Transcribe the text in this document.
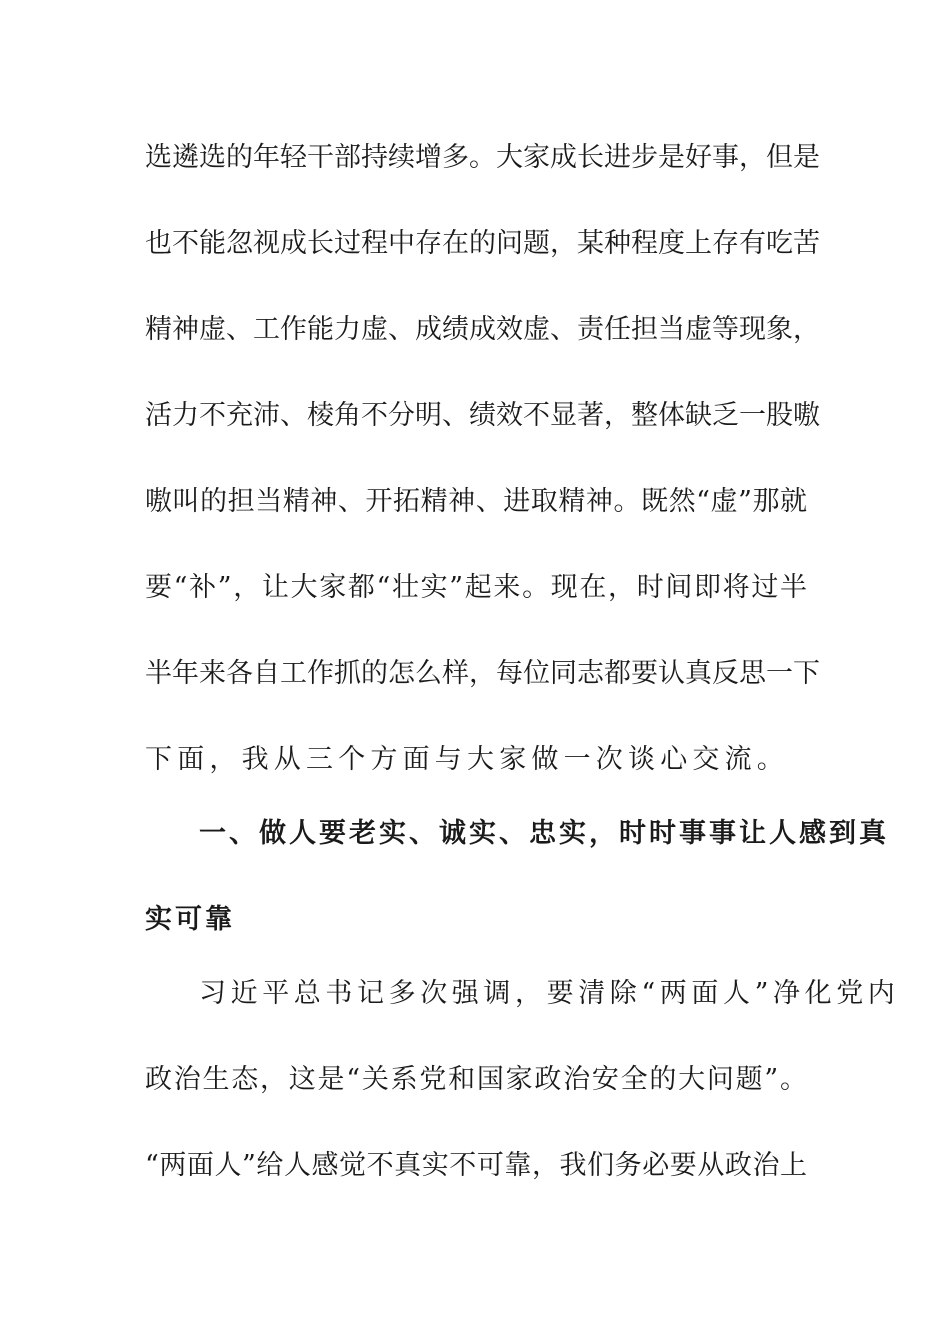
选遴选的年轻干部持续增多。大家成长进步是好事，但是
也不能忽视成长过程中存在的问题，某种程度上存有吃苦
精神虚、工作能力虚、成绩成效虚、责任担当虚等现象，
活力不充沛、棱角不分明、绩效不显著，整体缺乏一股嗷
嗷叫的担当精神、开拓精神、进取精神。既然“虚”那就
要“补”，让大家都“壮实”起来。现在，时间即将过半
半年来各自工作抓的怎么样，每位同志都要认真反思一下
下面，我从三个方面与大家做一次谈心交流。
一、做人要老实、诚实、忠实，时时事事让人感到真
实可靠
习近平总书记多次强调，要清除“两面人”净化党内
政治生态，这是“关系党和国家政治安全的大问题”。
“两面人”给人感觉不真实不可靠，我们务必要从政治上
